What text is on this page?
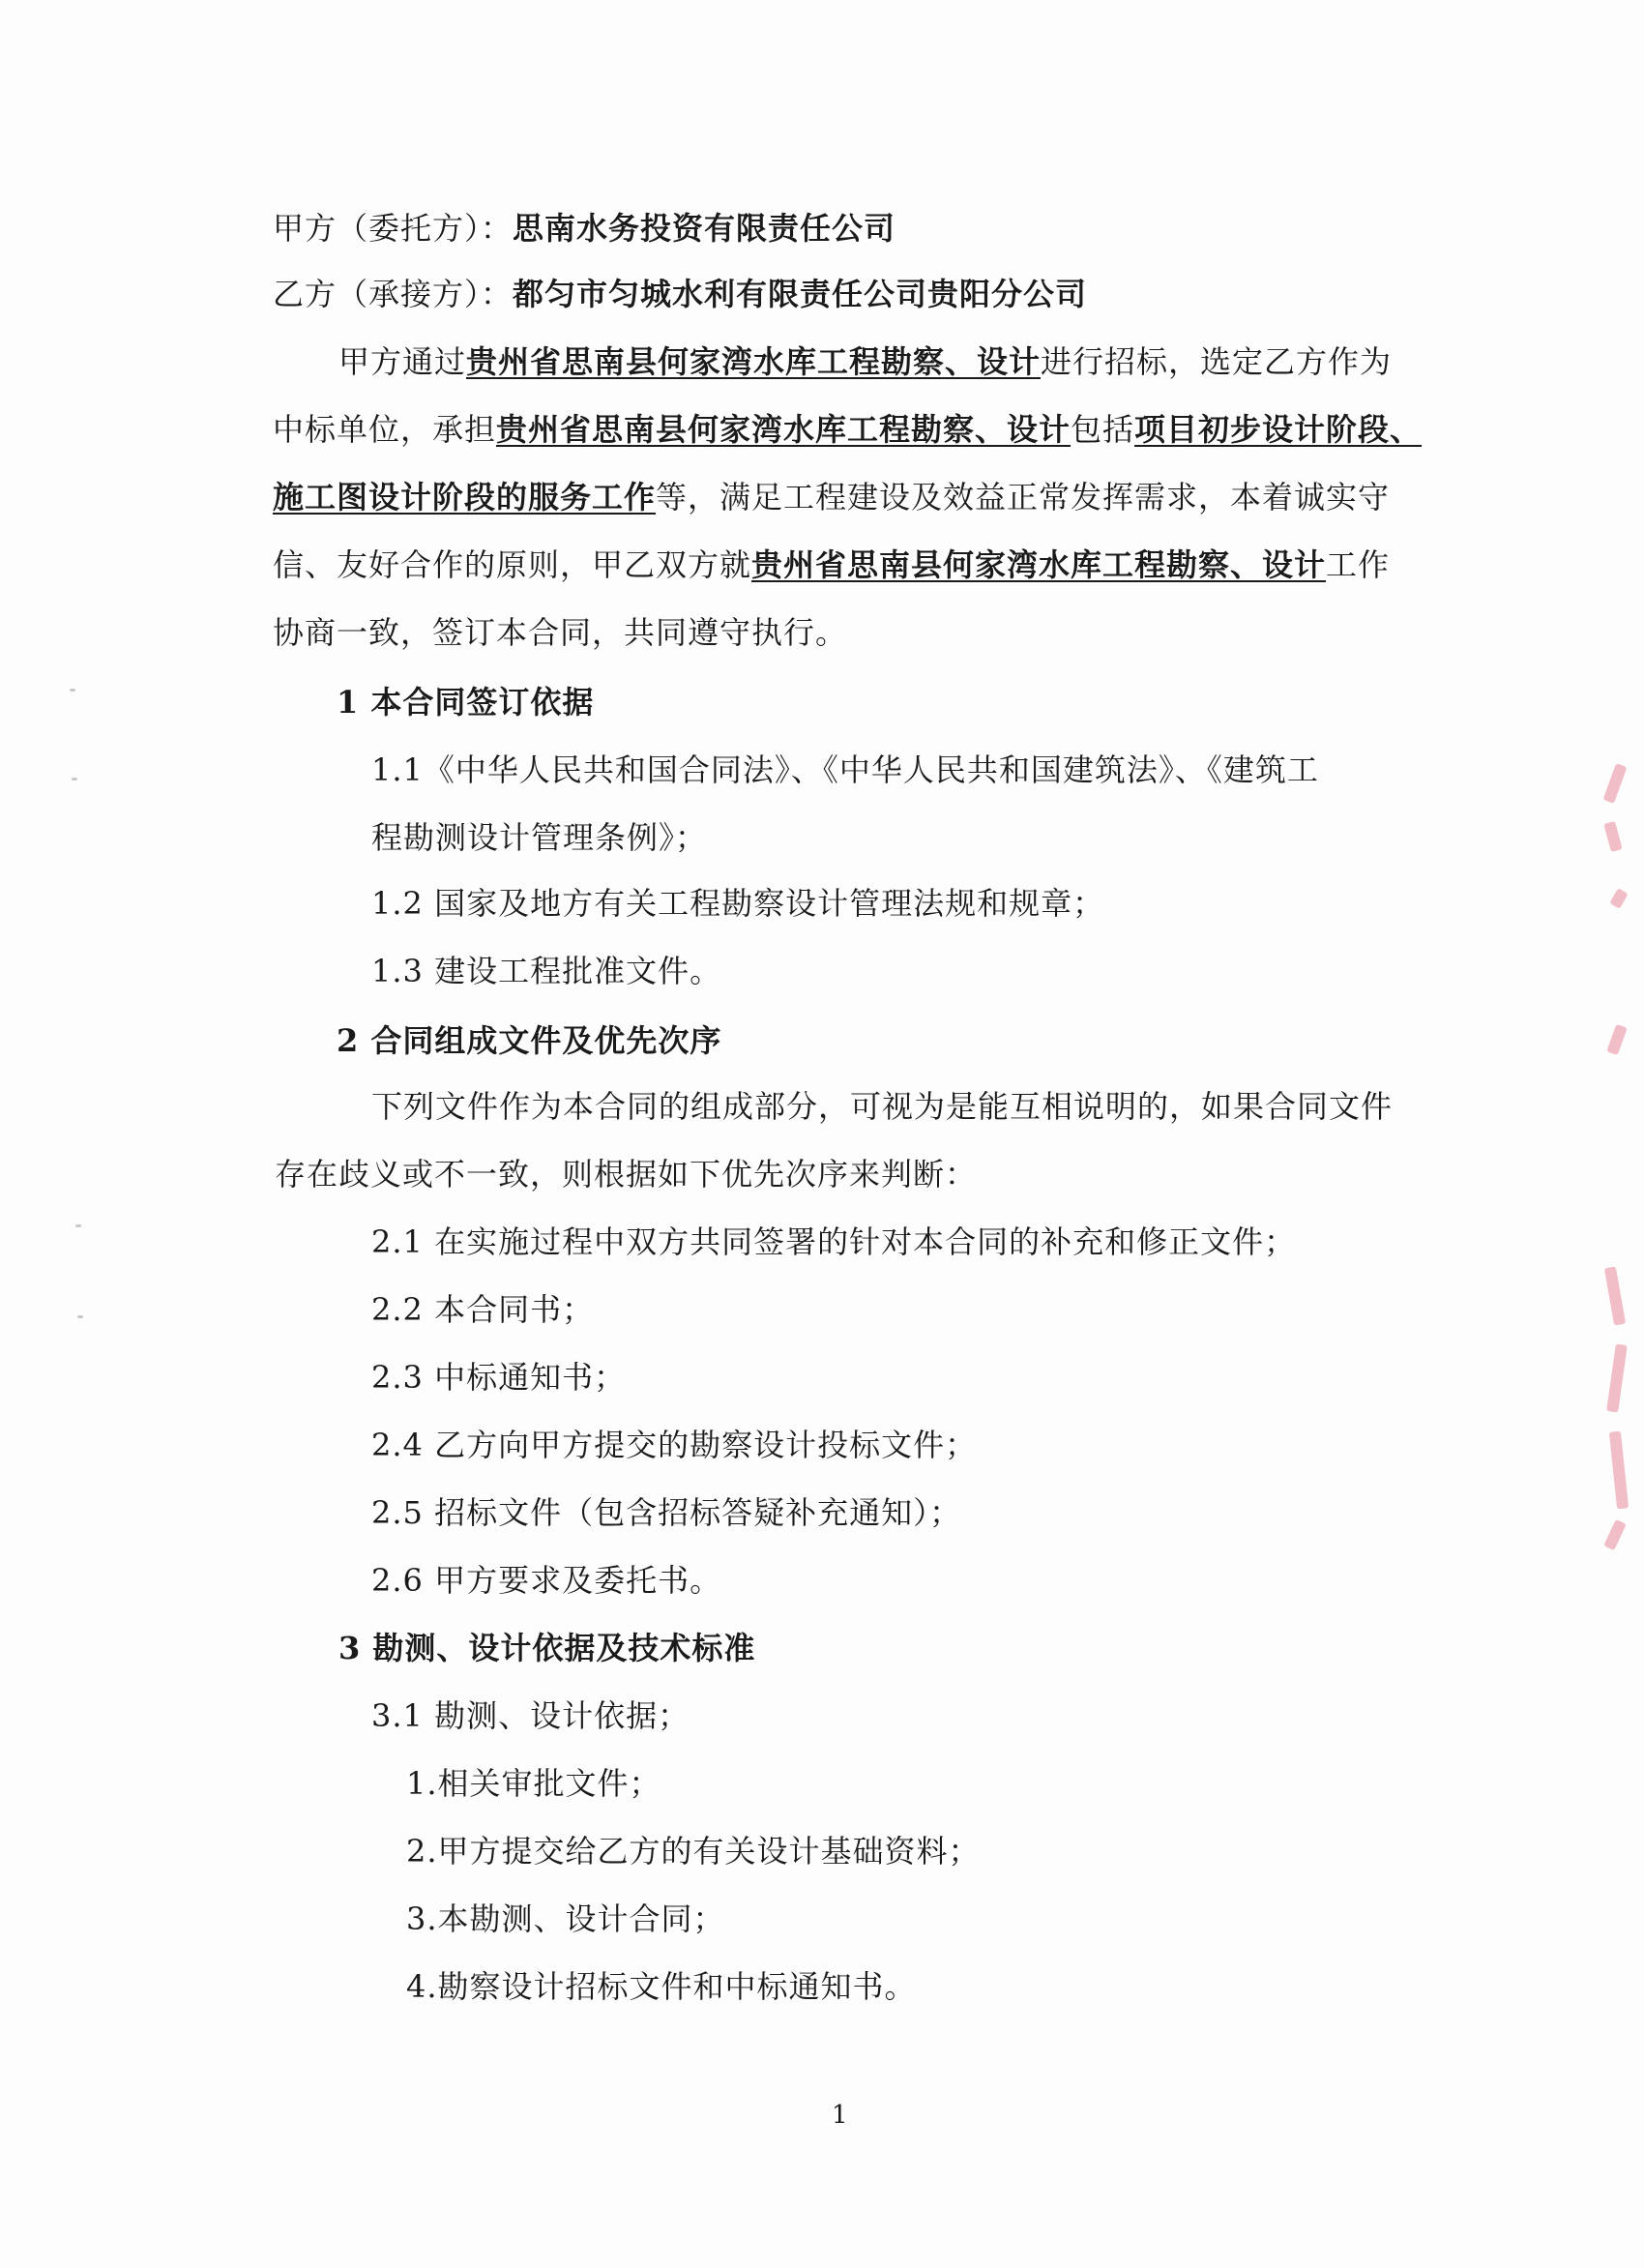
甲方（委托方）：思南水务投资有限责任公司
乙方（承接方）：都匀市匀城水利有限责任公司贵阳分公司
甲方通过贵州省思南县何家湾水库工程勘察、设计进行招标，选定乙方作为
中标单位，承担贵州省思南县何家湾水库工程勘察、设计包括项目初步设计阶段、
施工图设计阶段的服务工作等，满足工程建设及效益正常发挥需求，本着诚实守
信、友好合作的原则，甲乙双方就贵州省思南县何家湾水库工程勘察、设计工作
协商一致，签订本合同，共同遵守执行。
1 本合同签订依据
1.1《中华人民共和国合同法》、《中华人民共和国建筑法》、《建筑工
程勘测设计管理条例》；
1.2 国家及地方有关工程勘察设计管理法规和规章；
1.3 建设工程批准文件。
2 合同组成文件及优先次序
下列文件作为本合同的组成部分，可视为是能互相说明的，如果合同文件
存在歧义或不一致，则根据如下优先次序来判断：
2.1 在实施过程中双方共同签署的针对本合同的补充和修正文件；
2.2 本合同书；
2.3 中标通知书；
2.4 乙方向甲方提交的勘察设计投标文件；
2.5 招标文件（包含招标答疑补充通知）；
2.6 甲方要求及委托书。
3 勘测、设计依据及技术标准
3.1 勘测、设计依据；
1.相关审批文件；
2.甲方提交给乙方的有关设计基础资料；
3.本勘测、设计合同；
4.勘察设计招标文件和中标通知书。
1
